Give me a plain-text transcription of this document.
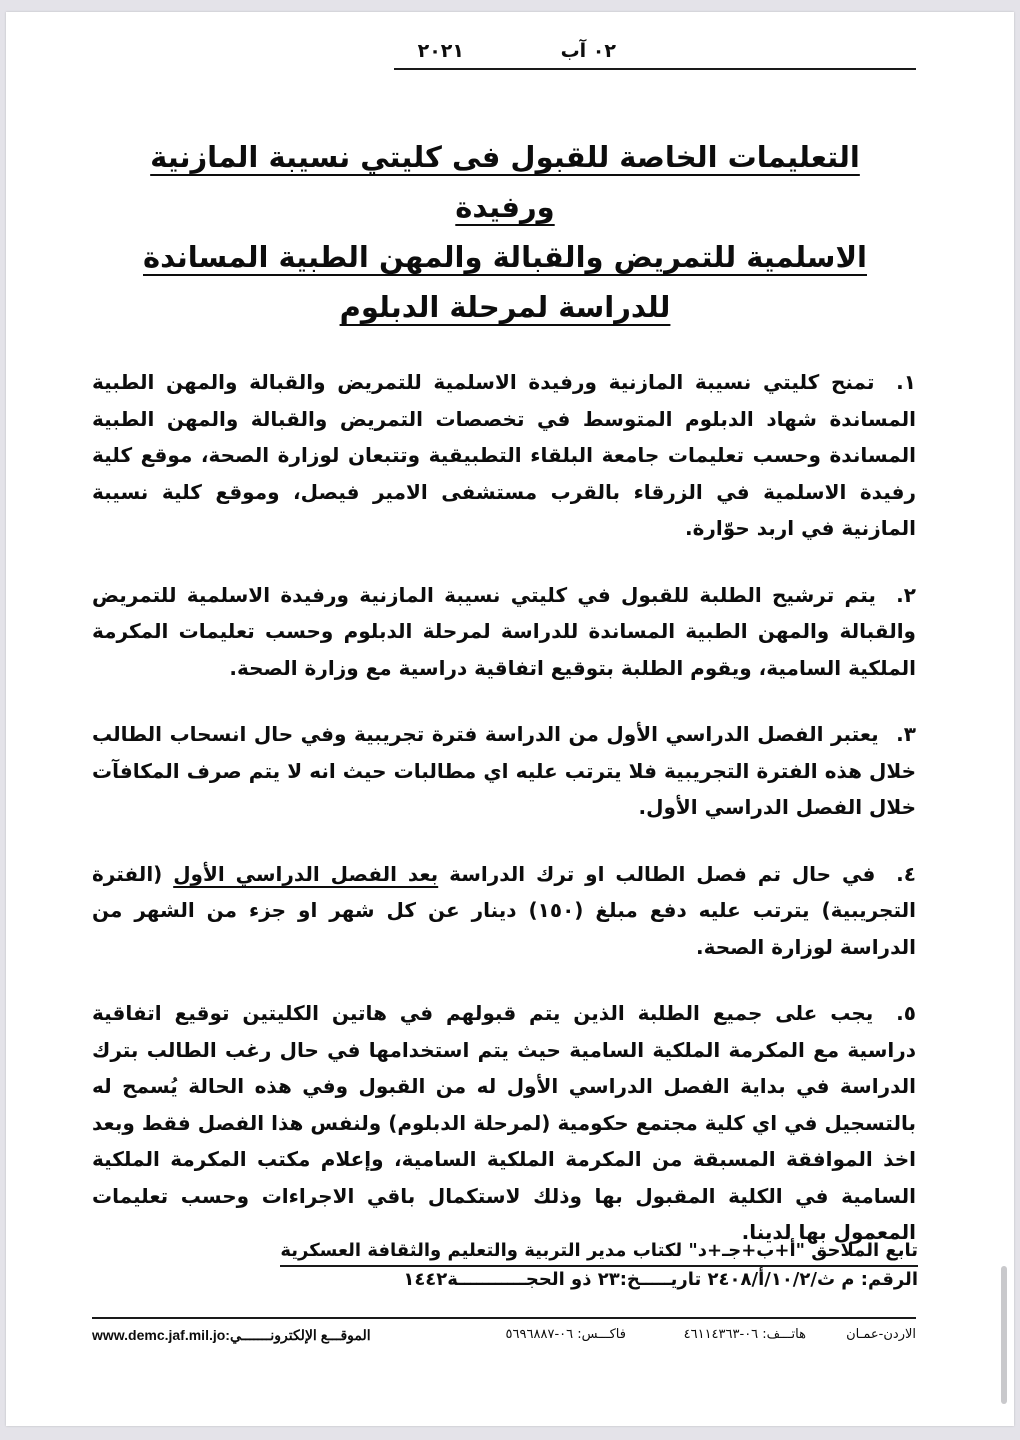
٠٢ آب
٢٠٢١
التعليمات الخاصة للقبول فى كليتي نسيبة المازنية ورفيدة
الاسلمية للتمريض والقبالة والمهن الطبية المساندة
للدراسة لمرحلة الدبلوم

١. تمنح كليتي نسيبة المازنية ورفيدة الاسلمية للتمريض والقبالة والمهن الطبية المساندة شهاد الدبلوم المتوسط في تخصصات التمريض والقبالة والمهن الطبية المساندة وحسب تعليمات جامعة البلقاء التطبيقية وتتبعان لوزارة الصحة، موقع كلية رفيدة الاسلمية في الزرقاء بالقرب مستشفى الامير فيصل، وموقع كلية نسيبة المازنية في اربد حوّارة.

٢. يتم ترشيح الطلبة للقبول في كليتي نسيبة المازنية ورفيدة الاسلمية للتمريض والقبالة والمهن الطبية المساندة للدراسة لمرحلة الدبلوم وحسب تعليمات المكرمة الملكية السامية، ويقوم الطلبة بتوقيع اتفاقية دراسية مع وزارة الصحة.

٣. يعتبر الفصل الدراسي الأول من الدراسة فترة تجريبية وفي حال انسحاب الطالب خلال هذه الفترة التجريبية فلا يترتب عليه اي مطالبات حيث انه لا يتم صرف المكافآت خلال الفصل الدراسي الأول.

٤. في حال تم فصل الطالب او ترك الدراسة بعد الفصل الدراسي الأول (الفترة التجريبية) يترتب عليه دفع مبلغ (١٥٠) دينار عن كل شهر او جزء من الشهر من الدراسة لوزارة الصحة.

٥. يجب على جميع الطلبة الذين يتم قبولهم في هاتين الكليتين توقيع اتفاقية دراسية مع المكرمة الملكية السامية حيث يتم استخدامها في حال رغب الطالب بترك الدراسة في بداية الفصل الدراسي الأول له من القبول وفي هذه الحالة يُسمح له بالتسجيل في اي كلية مجتمع حكومية (لمرحلة الدبلوم) ولنفس هذا الفصل فقط وبعد اخذ الموافقة المسبقة من المكرمة الملكية السامية، وإعلام مكتب المكرمة الملكية السامية في الكلية المقبول بها وذلك لاستكمال باقي الاجراءات وحسب تعليمات المعمول بها لدينا.

تابع الملاحق "أ+ب+جـ+د" لكتاب مدير التربية والتعليم والثقافة العسكرية
الرقم: م ث/١٠/٢/أ/٢٤٠٨ تاريـــــخ:٢٣ ذو الحجـــــــــــة١٤٤٢
الاردن-عمـان
هاتـــف: ٠٦-٤٦١١٤٣٦٣
فاكـــس: ٠٦-٥٦٩٦٨٨٧
الموقـــع الإلكترونـــــــي:www.demc.jaf.mil.jo
